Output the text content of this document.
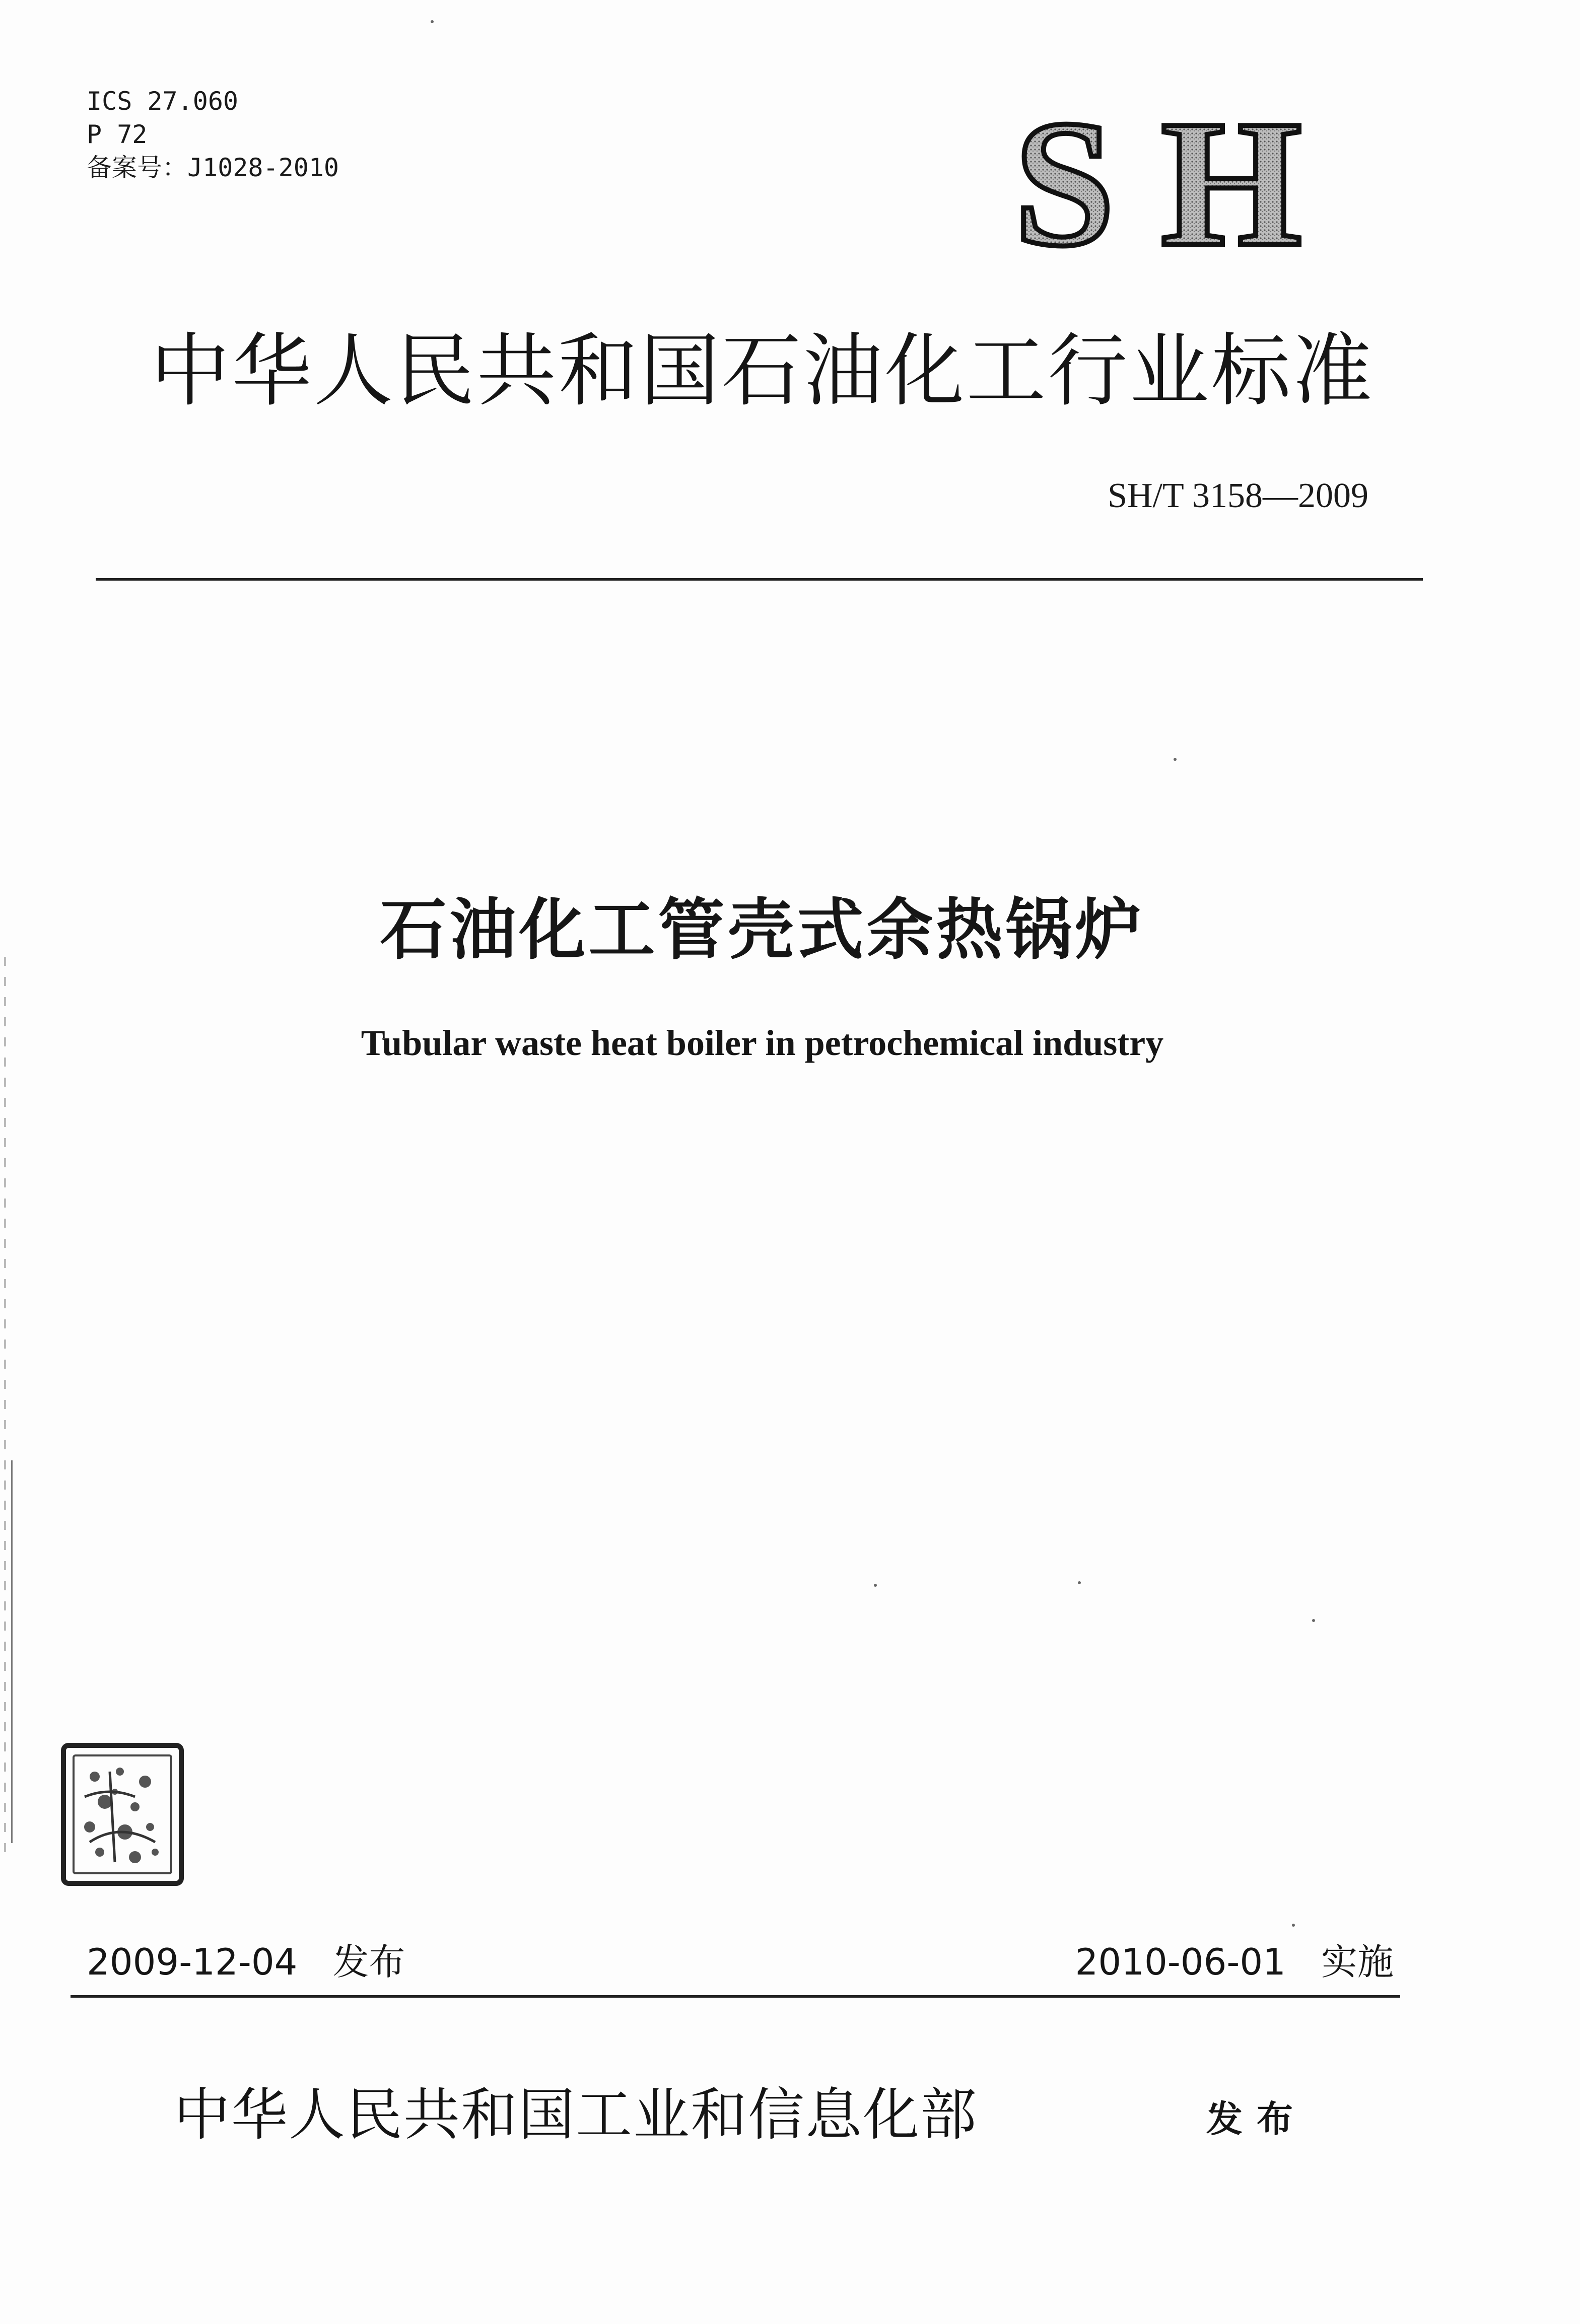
ICS 27.060
P 72
备案号：J1028-2010	S H
中华人民共和国石油化工行业标准
SH/T 3158—2009
石油化工管壳式余热锅炉
Tubular waste heat boiler in petrochemical industry
2009-12-04 发布	2010-06-01 实施
中华人民共和国工业和信息化部	发布
